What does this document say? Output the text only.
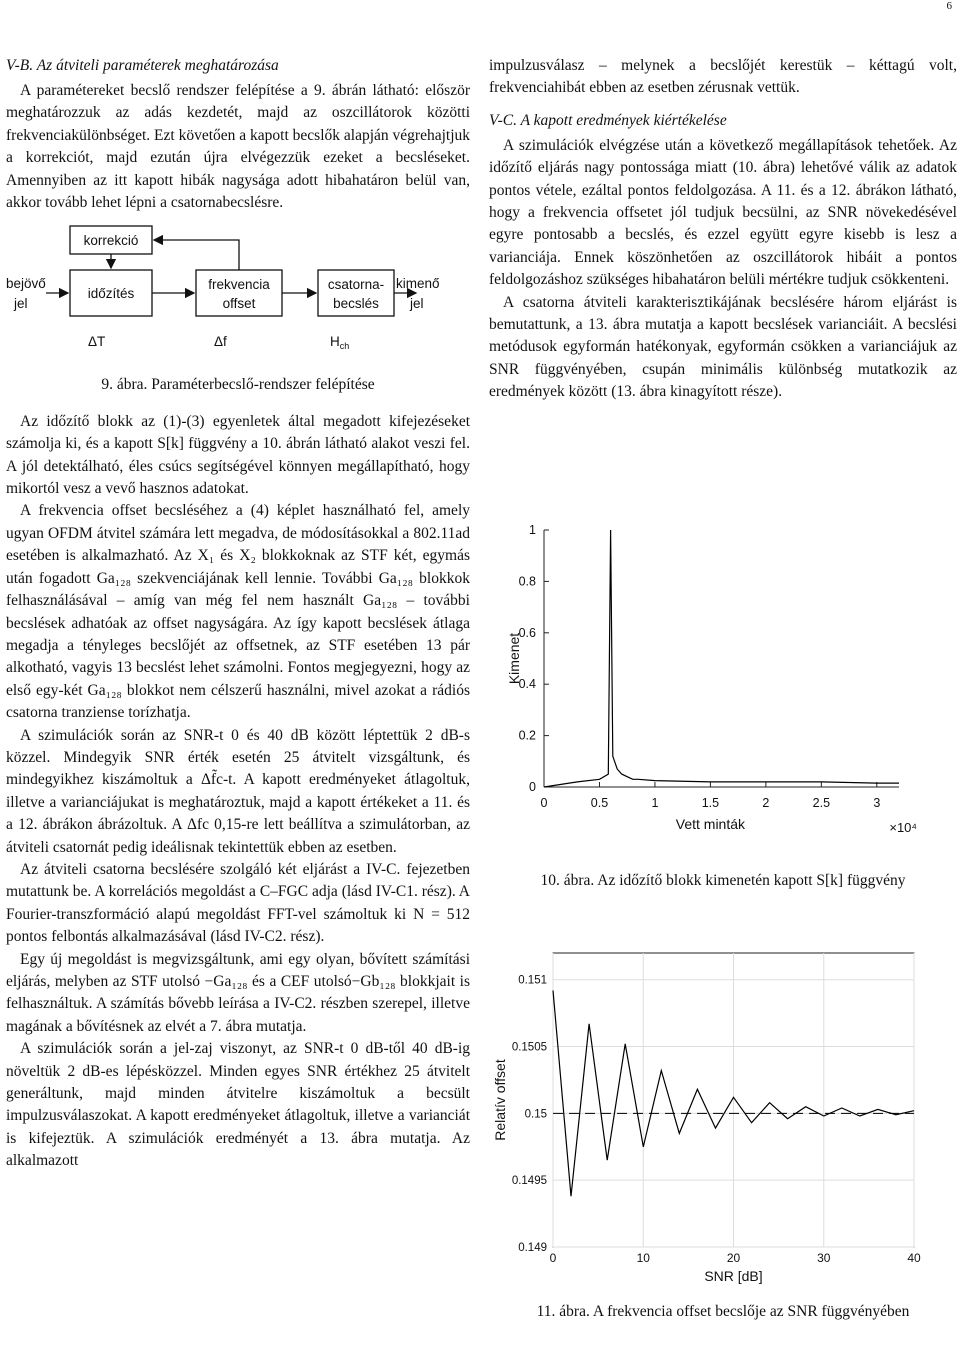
6
V-B. Az átviteli paraméterek meghatározása

A paramétereket becslő rendszer felépítése a 9. ábrán látható: először meghatározzuk az adás kezdetét, majd az oszcillátorok közötti frekvenciakülönbséget. Ezt követően a kapott becslők alapján végrehajtjuk a korrekciót, majd ezután újra elvégezzük ezeket a becsléseket. Amennyiben az itt kapott hibák nagysága adott hibahatáron belül van, akkor tovább lehet lépni a csatornabecslésre.

korrekció
bejövő
jel
időzítés
frekvencia
offset
csatorna-
becslés
kimenő
jel
ΔT	Δf	$H_{ch}$

9. ábra. Paraméterbecslő-rendszer felépítése

Az időzítő blokk az (1)-(3) egyenletek által megadott kifejezéseket számolja ki, és a kapott S[k] függvény a 10. ábrán látható alakot veszi fel. A jól detektálható, éles csúcs segítségével könnyen megállapítható, hogy mikortól vesz a vevő hasznos adatokat.

A frekvencia offset becsléséhez a (4) képlet használható fel, amely ugyan OFDM átvitel számára lett megadva, de módosításokkal a 802.11ad esetében is alkalmazható. Az X₁ és X₂ blokkoknak az STF két, egymás után fogadott Ga₁₂₈ szekvenciájának kell lennie. További Ga₁₂₈ blokkok felhasználásával – amíg van még fel nem használt Ga₁₂₈ – további becslések adhatóak az offset nagyságára. Az így kapott becslések átlaga megadja a tényleges becslőjét az offsetnek, az STF esetében 13 pár alkotható, vagyis 13 becslést lehet számolni. Fontos megjegyezni, hogy az első egy-két Ga₁₂₈ blokkot nem célszerű használni, mivel azokat a rádiós csatorna tranziense torízhatja.

A szimulációk során az SNR-t 0 és 40 dB között léptettük 2 dB-s közzel. Mindegyik SNR érték esetén 25 átvitelt vizsgáltunk, és mindegyikhez kiszámoltuk a Δf̃c-t. A kapott eredményeket átlagoltuk, illetve a varianciájukat is meghatároztuk, majd a kapott értékeket a 11. és a 12. ábrákon ábrázoltuk. A Δfc 0,15-re lett beállítva a szimulátorban, az átviteli csatornát pedig ideálisnak tekintettük ebben az esetben.

Az átviteli csatorna becslésére szolgáló két eljárást a IV-C. fejezetben mutattunk be. A korrelációs megoldást a C–FGC adja (lásd IV-C1. rész). A Fourier-transzformáció alapú megoldást FFT-vel számoltuk ki N = 512 pontos felbontás alkalmazásával (lásd IV-C2. rész).

Egy új megoldást is megvizsgáltunk, ami egy olyan, bővített számítási eljárás, melyben az STF utolsó −Ga₁₂₈ és a CEF utolsó−Gb₁₂₈ blokkjait is felhasználtuk. A számítás bővebb leírása a IV-C2. részben szerepel, illetve magának a bővítésnek az elvét a 7. ábra mutatja.

A szimulációk során a jel-zaj viszonyt, az SNR-t 0 dB-től 40 dB-ig növeltük 2 dB-es lépésközzel. Minden egyes SNR értékhez 25 átvitelt generáltunk, majd minden átvitelre kiszámoltuk a becsült impulzusválaszokat. A kapott eredményeket átlagoltuk, illetve a varianciát is kifejeztük. A szimulációk eredményét a 13. ábra mutatja. Az alkalmazott

impulzusválasz – melynek a becslőjét kerestük – kéttagú volt, frekvenciahibát ebben az esetben zérusnak vettük.

V-C. A kapott eredmények kiértékelése

A szimulációk elvégzése után a következő megállapítások tehetőek. Az időzítő eljárás nagy pontossága miatt (10. ábra) lehetővé válik az adatok pontos vétele, ezáltal pontos feldolgozása. A 11. és a 12. ábrákon látható, hogy a frekvencia offsetet jól tudjuk becsülni, az SNR növekedésével egyre pontosabb a becslés, és ezzel együtt egyre kisebb is lesz a varianciája. Ennek köszönhetően az oszcillátorok hibáit a pontos feldolgozáshoz szükséges hibahatáron belüli mértékre tudjuk csökkenteni.

A csatorna átviteli karakterisztikájának becslésére három eljárást is bemutattunk, a 13. ábra mutatja a kapott becslések varianciáit. A becslési metódusok egyformán hatékonyak, egyformán csökken a varianciájuk az SNR függvényében, csupán minimális különbség mutatkozik az eredmények között (13. ábra kinagyított része).

0
0.2
0.4
0.6
0.8
1
0	0.5	1	1.5	2	2.5	3
Vett minták	×10⁴
Kimenet
10. ábra. Az időzítő blokk kimenetén kapott S[k] függvény
0.149
0.1495
0.15
0.1505
0.151
0	10	20	30	40
SNR [dB]
Relatív offset
11. ábra. A frekvencia offset becslője az SNR függvényében
